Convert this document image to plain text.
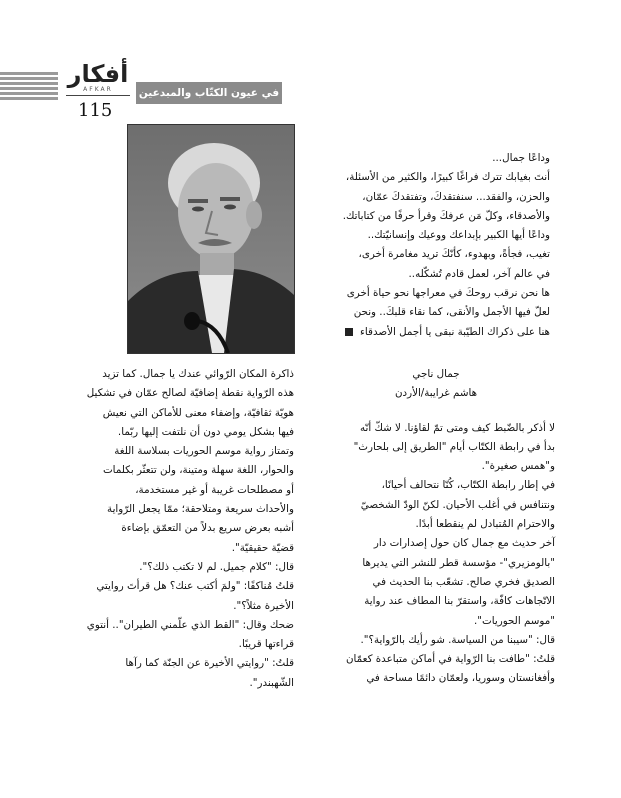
أفكار
AFKAR	في عيون الكتّاب والمبدعين
115

وداعًا جمال...

أنتَ بغيابك تترك فراغًا كبيرًا، والكثير من الأسئلة،

والحزن، والفقد... سنفتقدكَ، وتفتقدكَ عمّان،

والأصدقاء، وكلّ مَن عرفكَ وقرأ حرفًا من كتاباتك.

وداعًا أيها الكبير بإبداعك ووعيك وإنسانيّتك..

تغيب، فجأةً، وبهدوء، كأنّكَ تريد مغامرة أخرى،

في عالم آخر، لعمل قادم تُشكّله..

ها نحن نرقب روحكَ في معراجها نحو حياة أخرى

لعلّ فيها الأجمل والأنقى، كما نقاء قلبكَ.. ونحن

هنا على ذكراك الطيّبة نبقى يا أجمل الأصدقاء

جمال ناجي

هاشم غرايبة/الأردن

لا أذكر بالضّبط كيف ومتى تمّ لقاؤنا. لا شكّ أنّه

بدأ في رابطة الكتّاب أيام "الطريق إلى بلحارث"

و"همس صغيرة".

في إطار رابطة الكتّاب، كُنّا نتحالف أحيانًا،

ونتنافس في أغلب الأحيان. لكنّ الودّ الشخصيّ

والاحترام المُتبادل لم ينقطعا أبدًا.

آخر حديث مع جمال كان حول إصدارات دار

"بالومزيري"- مؤسسة قطر للنشر التي يديرها

الصديق فخري صالح. تشعّب بنا الحديث في

الاتّجاهات كافّة، واستقرّ بنا المطاف عند رواية

"موسم الحوريات".

قال: "سيبنا من السياسة. شو رأيك بالرّواية؟".

قلتُ: "طافت بنا الرّواية في أماكن متباعدة كعمّان

وأفغانستان وسوريا، ولعمّان دائمًا مساحة في

ذاكرة المكان الرّوائي عندك يا جمال. كما تزيد

هذه الرّواية نقطة إضافيّة لصالح عمّان في تشكيل

هويّة ثقافيّة، وإضفاء معنى للأماكن التي نعيش

فيها بشكل يومي دون أن نلتفت إليها ربّما.

وتمتاز رواية موسم الحوريات بسلاسة اللغة

والحوار، اللغة سهلة ومتينة، ولن تتعثّر بكلمات

أو مصطلحات غريبة أو غير مستخدمة،

والأحداث سريعة ومتلاحقة؛ ممّا يجعل الرّواية

أشبه بعرض سريع بدلاً من التعمّق بإضاءة

قضيّة حقيقيّة".

قال: "كلام جميل. لم لا تكتب ذلك؟".

قلتُ مُناكفًا: "ولمَ أكتب عنك؟ هل قرأتَ روايتي

الأخيرة مثلاً؟".

ضحك وقال: "القط الذي علّمني الطيران".. أنتوي

قراءتها قريبًا.

قلتُ: "روايتي الأخيرة عن الجنّة كما رآها

الشّهبندر".
